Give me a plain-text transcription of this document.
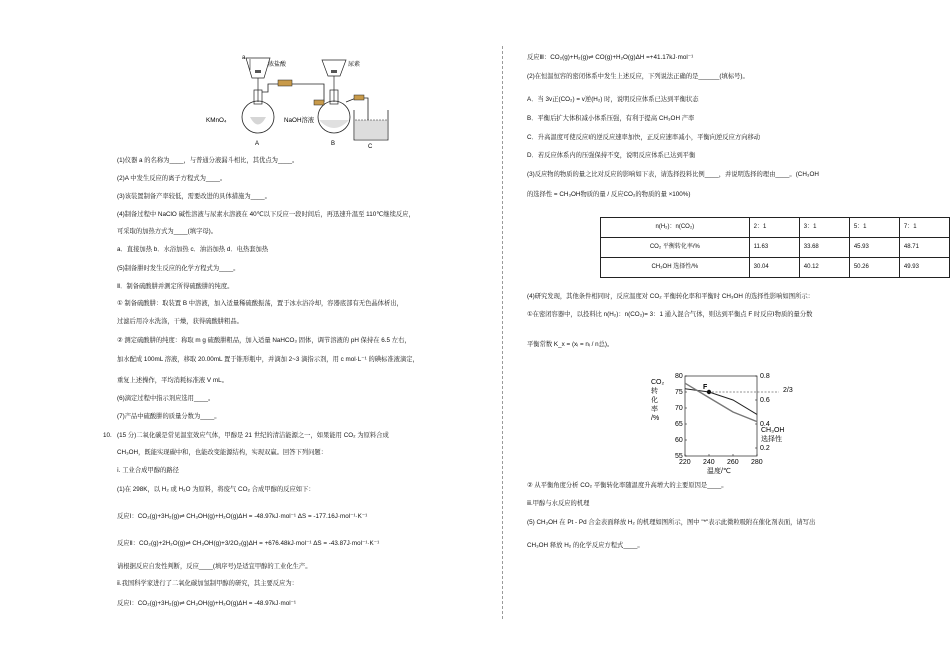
a
浓盐酸	尿素
KMnO₄	NaOH溶液
A	B	C
(1)仪器 a 的名称为____，与普通分液漏斗相比，其优点为____。
(2)A 中发生反应的离子方程式为____。
(3)该装置制备产率较低，需要改进的具体措施为____。
(4)制备过程中 NaClO 碱性溶液与尿素水溶液在 40℃以下反应一段时间后，再迅速升温至 110℃继续反应，
可采取的加热方式为____(填字母)。
a．直接加热 b．水浴加热 c．油浴加热 d．电热套加热
(5)制备肼时发生反应的化学方程式为____。
Ⅱ．制备硫酸肼并测定所得硫酸肼的纯度。
① 制备硫酸肼：取装置 B 中溶液，加入适量稀硫酸振荡，置于冰水浴冷却，容器底部有无色晶体析出，
过滤后用冷水洗涤，干燥，获得硫酸肼粗品。
② 测定硫酸肼的纯度：称取 m g 硫酸肼粗品，加入适量 NaHCO₃ 固体，调节溶液的 pH 保持在 6.5 左右，
加水配成 100mL 溶液，移取 20.00mL 置于锥形瓶中，并滴加 2~3 滴指示剂，用 c mol·L⁻¹ 的碘标准液滴定，
重复上述操作，平均消耗标准液 V mL。
(6)滴定过程中指示剂应选用____。
(7)产品中硫酸肼的质量分数为____。
10. (15 分)二氧化碳是常见温室效应气体，甲醇是 21 世纪的清洁能源之一，如果能用 CO₂ 为原料合成
CH₃OH，既能实现碳中和，也能改变能源结构，实现双赢。回答下列问题：
ⅰ. 工业合成甲醇的路径
(1)在 298K，以 H₂ 或 H₂O 为原料，将废气 CO₂ 合成甲醇的反应如下：
反应Ⅰ：CO₂(g)+3H₂(g)⇌ CH₃OH(g)+H₂O(g)ΔH = -48.97kJ·mol⁻¹ ΔS = -177.16J·mol⁻¹·K⁻¹
反应Ⅱ：CO₂(g)+2H₂O(g)⇌ CH₃OH(g)+3/2O₂(g)ΔH = +676.48kJ·mol⁻¹ ΔS = -43.87J·mol⁻¹·K⁻¹
请根据反应自发性判断，反应____(填序号)是适宜甲醇的工业化生产。
ⅱ.我国科学家进行了二氧化碳加氢制甲醇的研究，其主要反应为：
反应Ⅰ：CO₂(g)+3H₂(g)⇌ CH₃OH(g)+H₂O(g)ΔH = -48.97kJ·mol⁻¹
反应Ⅲ：CO₂(g)+H₂(g)⇌ CO(g)+H₂O(g)ΔH =+41.17kJ·mol⁻¹
(2)在恒温恒容的密闭体系中发生上述反应，下列说法正确的是______(填标号)。
A．当 3v正(CO₂) = v逆(H₂) 时，说明反应体系已达到平衡状态
B．平衡后扩大体积减小体系压强，有利于提高 CH₃OH 产率
C．升高温度可使反应Ⅰ的逆反应速率加快，正反应速率减小，平衡向逆反应方向移动
D．若反应体系内的压强保持不变，说明反应体系已达到平衡
(3)反应物的物质的量之比对反应的影响如下表，请选择投料比例____，并说明选择的理由____。(CH₃OH
的选择性 = CH₃OH物质的量 / 反应CO₂的物质的量 ×100%)
n(H₂)：n(CO₂)	2：1	3：1	5：1	7：1
CO₂ 平衡转化率/%	11.63	33.68	45.93	48.71
CH₃OH 选择性/%	30.04	40.12	50.26	49.93
(4)研究发现，其他条件相同时，反应温度对 CO₂ 平衡转化率和平衡时 CH₃OH 的选择性影响如图所示：
①在密闭容器中，以投料比 n(H₂)：n(CO₂)= 3：1 通入混合气体，则达到平衡点 F 时反应Ⅰ物质的量分数
平衡常数 K_x = (xᵢ = nᵢ / n总)。
220 240 260 280
55
60
65
70
75
80
0.2
0.4
0.6
0.8
CO₂
转
化
率
/%
温度/℃
2/3
F
CH₃OH
选择性
② 从平衡角度分析 CO₂ 平衡转化率随温度升高增大的主要原因是____。
ⅲ.甲醇与水反应的机理
(5) CH₃OH 在 Pt - Pd 合金表面释放 H₂ 的机理如图所示，图中 "*"表示此微粒吸附在催化剂表面，请写出
CH₃OH 释放 H₂ 的化学反应方程式____。
